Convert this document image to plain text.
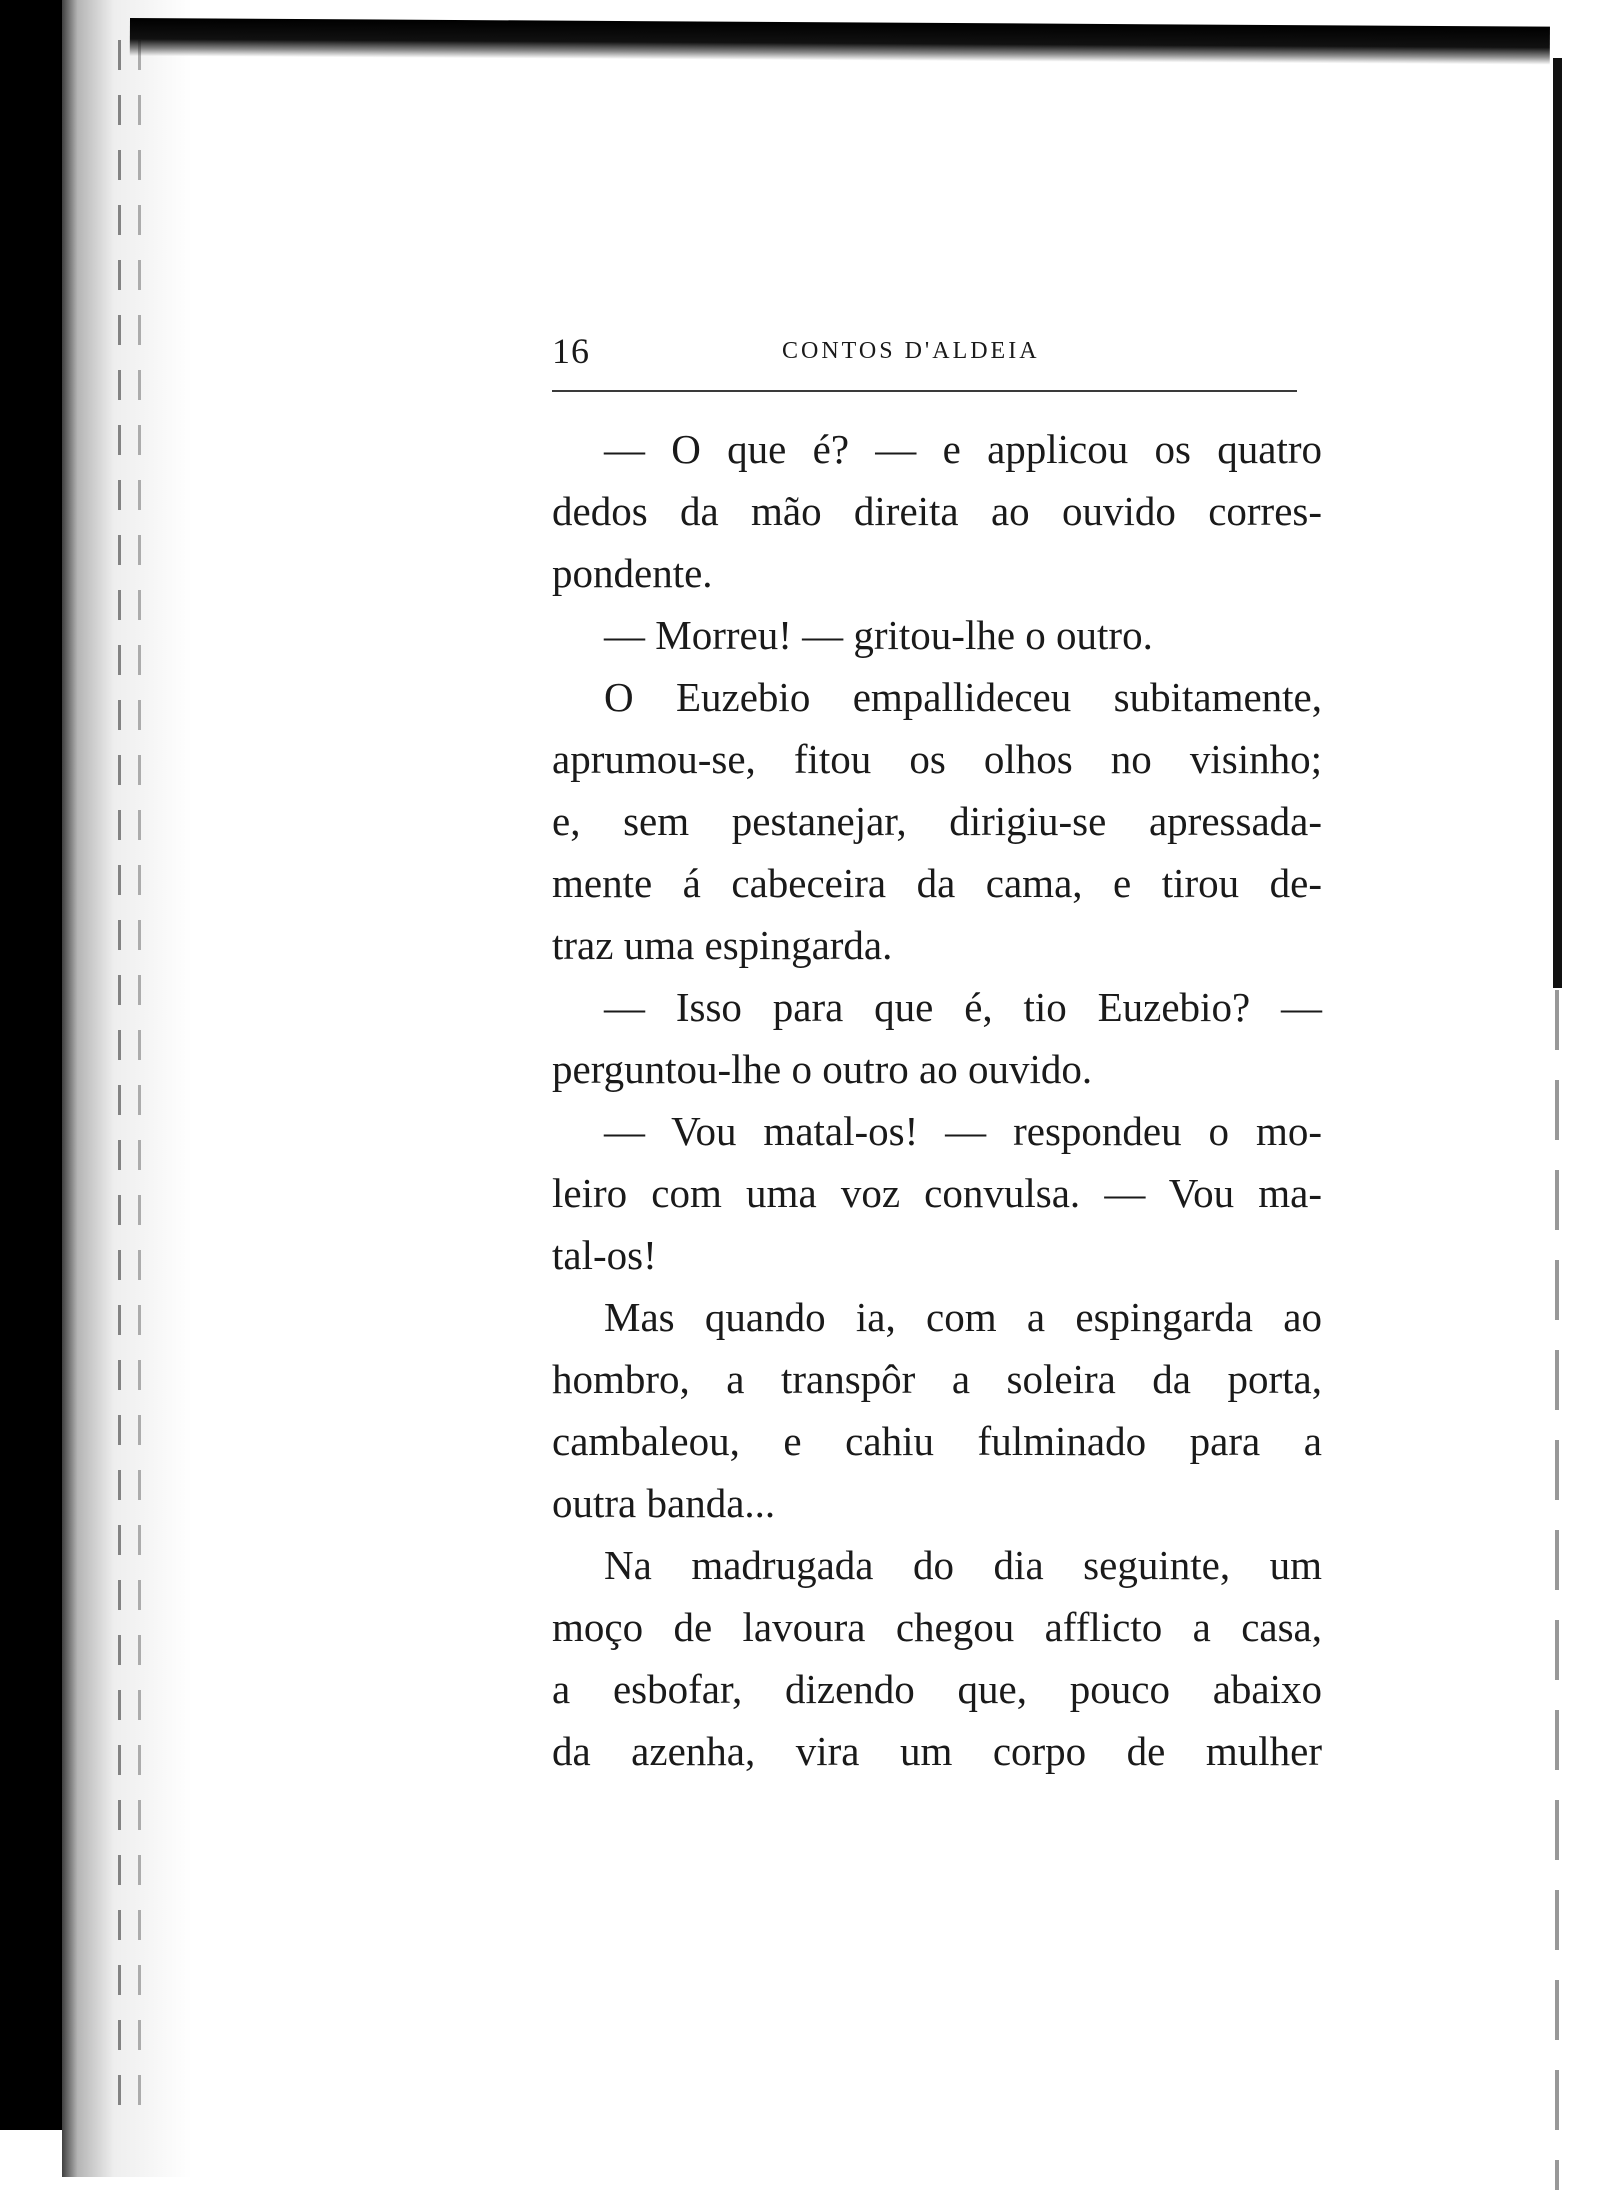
16	CONTOS D'ALDEIA
— O que é? — e applicou os quatro
dedos da mão direita ao ouvido corres-
pondente.
— Morreu! — gritou-lhe o outro.
O Euzebio empallideceu subitamente,
aprumou-se, fitou os olhos no visinho;
e, sem pestanejar, dirigiu-se apressada-
mente á cabeceira da cama, e tirou de-
traz uma espingarda.
— Isso para que é, tio Euzebio? —
perguntou-lhe o outro ao ouvido.
— Vou matal-os! — respondeu o mo-
leiro com uma voz convulsa. — Vou ma-
tal-os!
Mas quando ia, com a espingarda ao
hombro, a transpôr a soleira da porta,
cambaleou, e cahiu fulminado para a
outra banda...
Na madrugada do dia seguinte, um
moço de lavoura chegou afflicto a casa,
a esbofar, dizendo que, pouco abaixo
da azenha, vira um corpo de mulher
